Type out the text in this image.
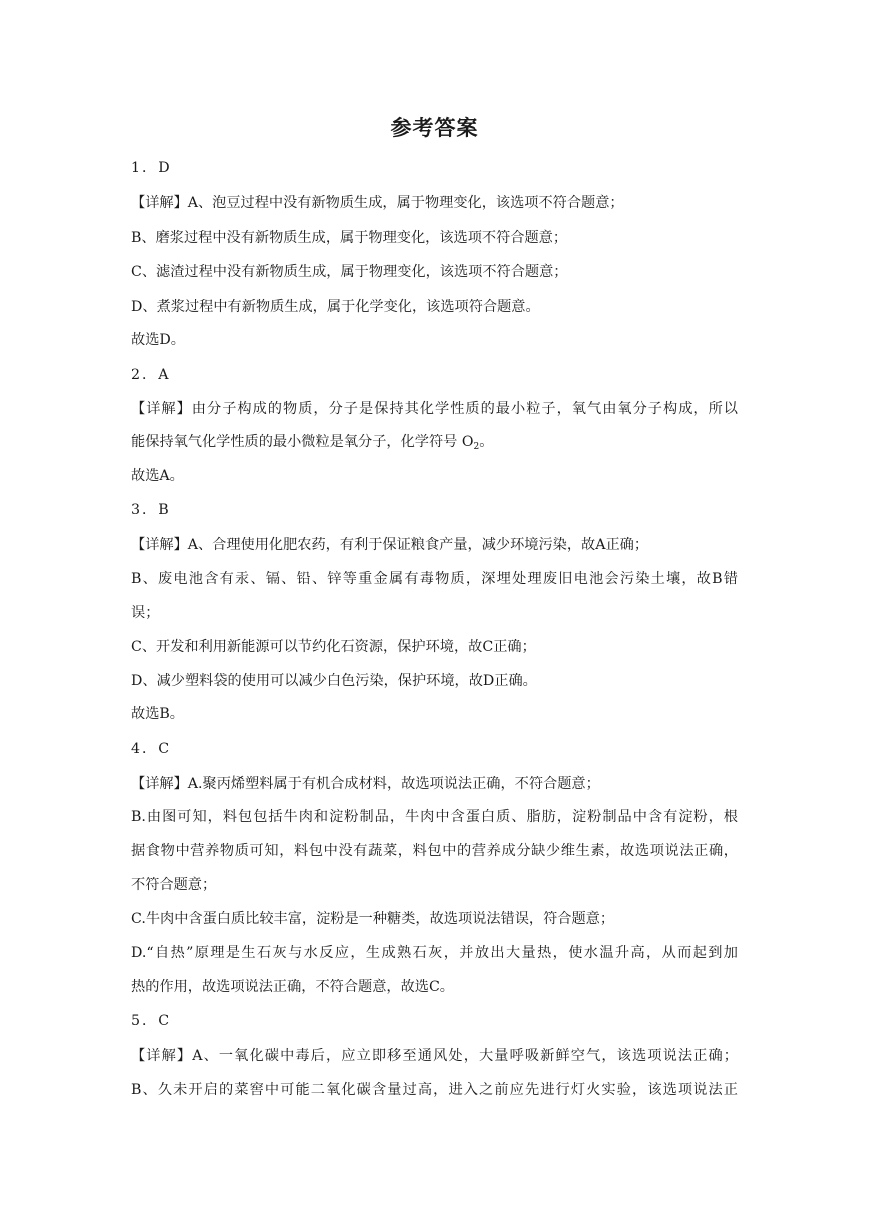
参考答案
1．D
【详解】A、泡豆过程中没有新物质生成，属于物理变化，该选项不符合题意；
B、磨浆过程中没有新物质生成，属于物理变化，该选项不符合题意；
C、滤渣过程中没有新物质生成，属于物理变化，该选项不符合题意；
D、煮浆过程中有新物质生成，属于化学变化，该选项符合题意。
故选D。
2．A
【详解】由分子构成的物质，分子是保持其化学性质的最小粒子，氧气由氧分子构成，所以
能保持氧气化学性质的最小微粒是氧分子，化学符号 $O_2$。
故选A。
3．B
【详解】A、合理使用化肥农药，有利于保证粮食产量，减少环境污染，故A正确；
B、废电池含有汞、镉、铅、锌等重金属有毒物质，深埋处理废旧电池会污染土壤，故B错
误；
C、开发和利用新能源可以节约化石资源，保护环境，故C正确；
D、减少塑料袋的使用可以减少白色污染，保护环境，故D正确。
故选B。
4．C
【详解】A.聚丙烯塑料属于有机合成材料，故选项说法正确，不符合题意；
B.由图可知，料包包括牛肉和淀粉制品，牛肉中含蛋白质、脂肪，淀粉制品中含有淀粉，根
据食物中营养物质可知，料包中没有蔬菜，料包中的营养成分缺少维生素，故选项说法正确，
不符合题意；
C.牛肉中含蛋白质比较丰富，淀粉是一种糖类，故选项说法错误，符合题意；
D.“自热”原理是生石灰与水反应，生成熟石灰，并放出大量热，使水温升高，从而起到加
热的作用，故选项说法正确，不符合题意，故选C。
5．C
【详解】A、一氧化碳中毒后，应立即移至通风处，大量呼吸新鲜空气，该选项说法正确；
B、久未开启的菜窖中可能二氧化碳含量过高，进入之前应先进行灯火实验，该选项说法正
